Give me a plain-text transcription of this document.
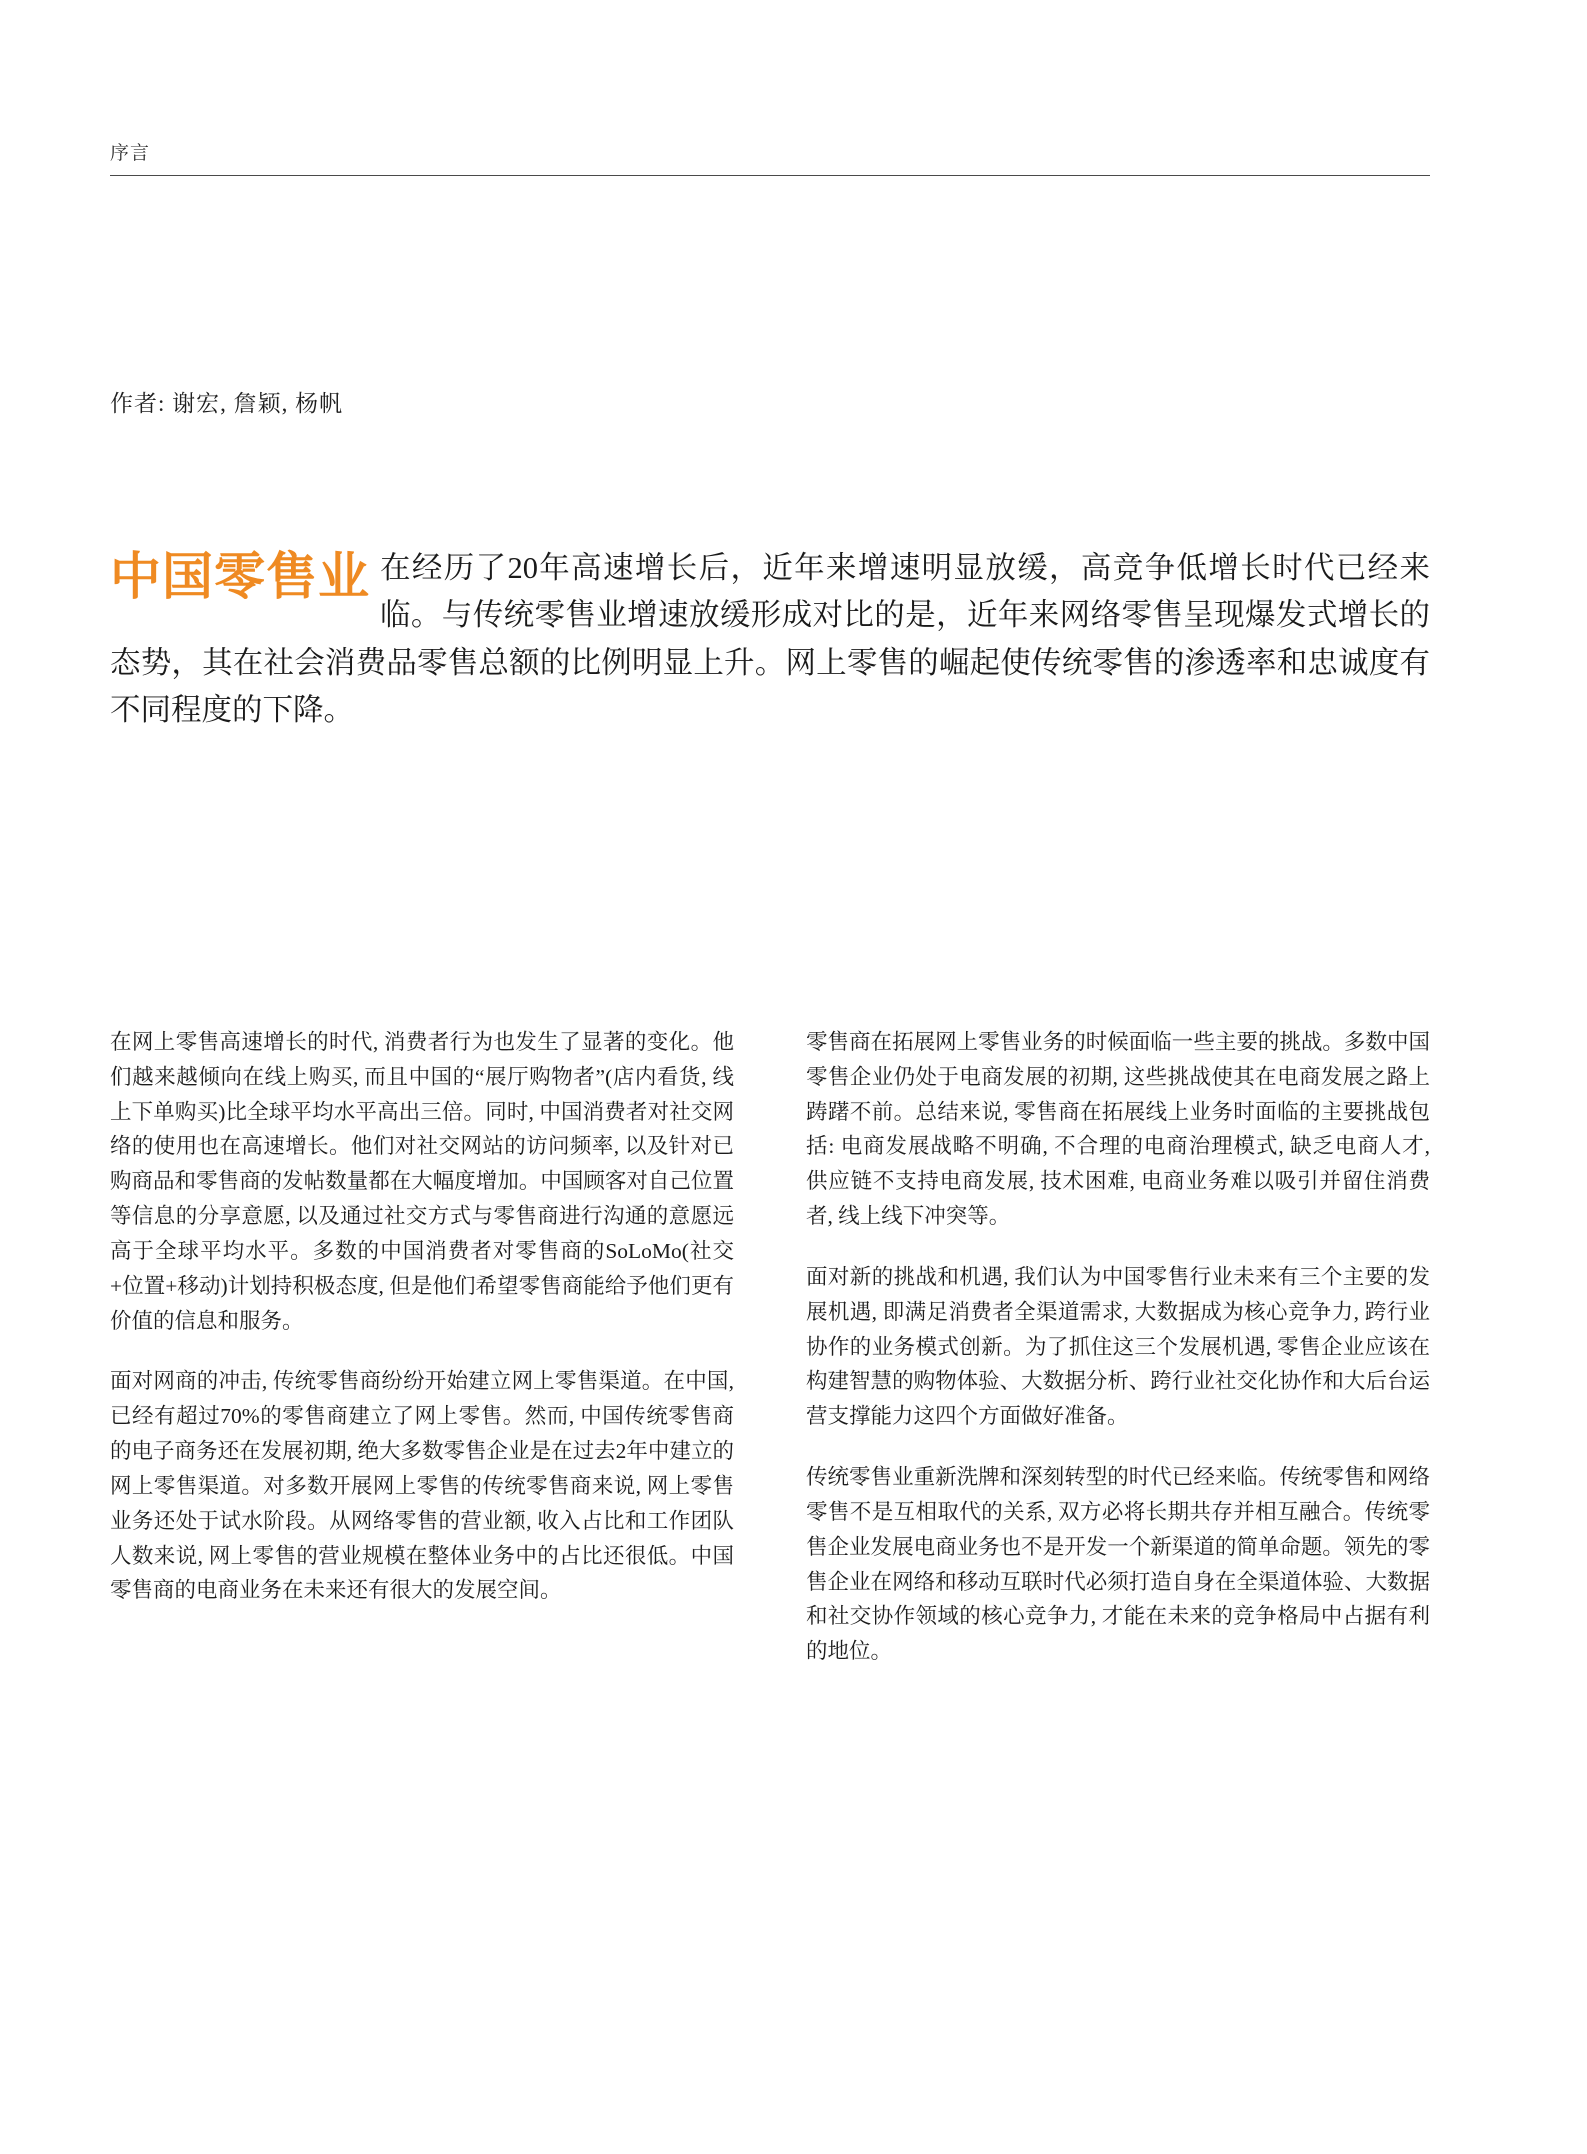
序言
作者: 谢宏, 詹颖, 杨帆
中国零售业 在经历了20年高速增长后，近年来增速明显放缓，高竞争低增长时代已经来临。与传统零售业增速放缓形成对比的是，近年来网络零售呈现爆发式增长的态势，其在社会消费品零售总额的比例明显上升。网上零售的崛起使传统零售的渗透率和忠诚度有不同程度的下降。

在网上零售高速增长的时代, 消费者行为也发生了显著的变化。他们越来越倾向在线上购买, 而且中国的“展厅购物者”(店内看货, 线上下单购买)比全球平均水平高出三倍。同时, 中国消费者对社交网络的使用也在高速增长。他们对社交网站的访问频率, 以及针对已购商品和零售商的发帖数量都在大幅度增加。中国顾客对自己位置等信息的分享意愿, 以及通过社交方式与零售商进行沟通的意愿远高于全球平均水平。多数的中国消费者对零售商的SoLoMo(社交+位置+移动)计划持积极态度, 但是他们希望零售商能给予他们更有价值的信息和服务。

面对网商的冲击, 传统零售商纷纷开始建立网上零售渠道。在中国, 已经有超过70%的零售商建立了网上零售。然而, 中国传统零售商的电子商务还在发展初期, 绝大多数零售企业是在过去2年中建立的网上零售渠道。对多数开展网上零售的传统零售商来说, 网上零售业务还处于试水阶段。从网络零售的营业额, 收入占比和工作团队人数来说, 网上零售的营业规模在整体业务中的占比还很低。中国零售商的电商业务在未来还有很大的发展空间。

零售商在拓展网上零售业务的时候面临一些主要的挑战。多数中国零售企业仍处于电商发展的初期, 这些挑战使其在电商发展之路上踌躇不前。总结来说, 零售商在拓展线上业务时面临的主要挑战包括: 电商发展战略不明确, 不合理的电商治理模式, 缺乏电商人才, 供应链不支持电商发展, 技术困难, 电商业务难以吸引并留住消费者, 线上线下冲突等。

面对新的挑战和机遇, 我们认为中国零售行业未来有三个主要的发展机遇, 即满足消费者全渠道需求, 大数据成为核心竞争力, 跨行业协作的业务模式创新。为了抓住这三个发展机遇, 零售企业应该在构建智慧的购物体验、大数据分析、跨行业社交化协作和大后台运营支撑能力这四个方面做好准备。

传统零售业重新洗牌和深刻转型的时代已经来临。传统零售和网络零售不是互相取代的关系, 双方必将长期共存并相互融合。传统零售企业发展电商业务也不是开发一个新渠道的简单命题。领先的零售企业在网络和移动互联时代必须打造自身在全渠道体验、大数据和社交协作领域的核心竞争力, 才能在未来的竞争格局中占据有利的地位。
